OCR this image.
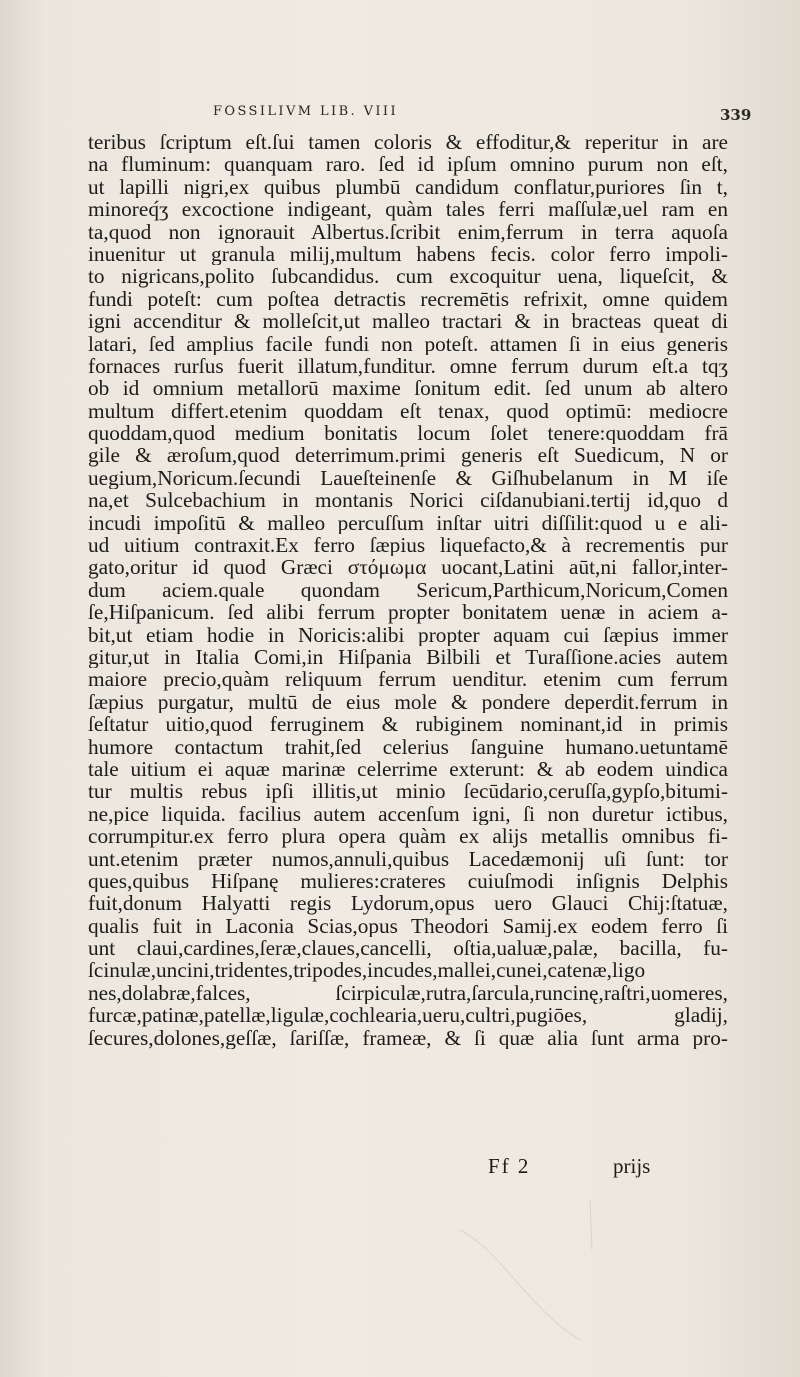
FOSSILIVM LIB. VIII	339
teribus ſcriptum eſt.ſui tamen coloris & effoditur,& reperitur in are
na fluminum: quanquam raro. ſed id ipſum omnino purum non eſt,
ut lapilli nigri,ex quibus plumbū candidum conflatur,puriores ſin t,
minoreq́ʒ excoctione indigeant, quàm tales ferri maſſulæ,uel ram en
ta,quod non ignorauit Albertus.ſcribit enim,ferrum in terra aquoſa
inuenitur ut granula milij,multum habens fecis. color ferro impoli-
to nigricans,polito ſubcandidus. cum excoquitur uena, liqueſcit, &
fundi poteſt: cum poſtea detractis recremētis refrixit, omne quidem
igni accenditur & molleſcit,ut malleo tractari & in bracteas queat di
latari, ſed amplius facile fundi non poteſt. attamen ſi in eius generis
fornaces rurſus fuerit illatum,funditur. omne ferrum durum eſt.a tqʒ
ob id omnium metallorū maxime ſonitum edit. ſed unum ab altero
multum differt.etenim quoddam eſt tenax, quod optimū: mediocre
quoddam,quod medium bonitatis locum ſolet tenere:quoddam frā
gile & æroſum,quod deterrimum.primi generis eſt Suedicum, N or
uegium,Noricum.ſecundi Laueſteinenſe & Giſhubelanum in M iſe
na,et Sulcebachium in montanis Norici ciſdanubiani.tertij id,quo d
incudi impoſitū & malleo percuſſum inſtar uitri diſſilit:quod u e ali-
ud uitium contraxit.Ex ferro ſæpius liquefacto,& à recrementis pur
gato,oritur id quod Græci στόμωμα uocant,Latini aūt,ni fallor,inter-
dum aciem.quale quondam Sericum,Parthicum,Noricum,Comen
ſe,Hiſpanicum. ſed alibi ferrum propter bonitatem uenæ in aciem a-
bit,ut etiam hodie in Noricis:alibi propter aquam cui ſæpius immer
gitur,ut in Italia Comi,in Hiſpania Bilbili et Turaſſione.acies autem
maiore precio,quàm reliquum ferrum uenditur. etenim cum ferrum
ſæpius purgatur, multū de eius mole & pondere deperdit.ferrum in
ſeſtatur uitio,quod ferruginem & rubiginem nominant,id in primis
humore contactum trahit,ſed celerius ſanguine humano.uetuntamē
tale uitium ei aquæ marinæ celerrime exterunt: & ab eodem uindica
tur multis rebus ipſi illitis,ut minio ſecūdario,ceruſſa,gypſo,bitumi-
ne,pice liquida. facilius autem accenſum igni, ſi non duretur ictibus,
corrumpitur.ex ferro plura opera quàm ex alijs metallis omnibus fi-
unt.etenim præter numos,annuli,quibus Lacedæmonij uſi ſunt: tor
ques,quibus Hiſpanę mulieres:crateres cuiuſmodi inſignis Delphis
fuit,donum Halyatti regis Lydorum,opus uero Glauci Chij:ſtatuæ,
qualis fuit in Laconia Scias,opus Theodori Samij.ex eodem ferro ſi
unt claui,cardines,ſeræ,claues,cancelli, oſtia,ualuæ,palæ, bacilla, fu-
ſcinulæ,uncini,tridentes,tripodes,incudes,mallei,cunei,catenæ,ligo
nes,dolabræ,falces, ſcirpiculæ,rutra,ſarcula,runcinę,raſtri,uomeres,
furcæ,patinæ,patellæ,ligulæ,cochlearia,ueru,cultri,pugiōes, gladij,
ſecures,dolones,geſſæ, ſariſſæ, frameæ, & ſi quæ alia ſunt arma pro-
Ff 2	prijs
